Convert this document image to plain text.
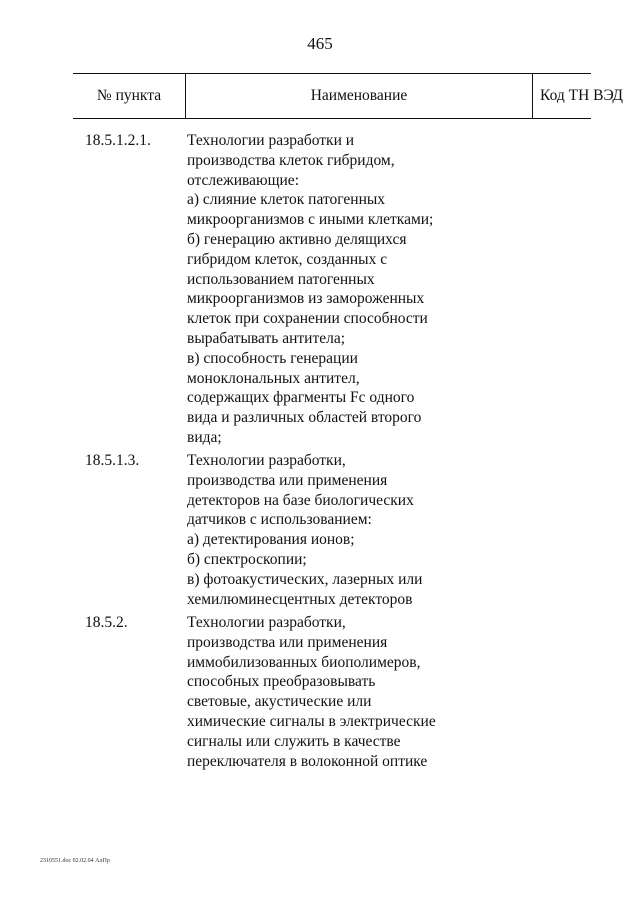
465
№ пункта	Наименование	Код ТН ВЭД
18.5.1.2.1. Технологии разработки и
производства клеток гибридом,
отслеживающие:
а) слияние клеток патогенных
микроорганизмов с иными клетками;
б) генерацию активно делящихся
гибридом клеток, созданных с
использованием патогенных
микроорганизмов из замороженных
клеток при сохранении способности
вырабатывать антитела;
в) способность генерации
моноклональных антител,
содержащих фрагменты Fc одного
вида и различных областей второго
вида;
18.5.1.3.	Технологии разработки,
производства или применения
детекторов на базе биологических
датчиков с использованием:
а) детектирования ионов;
б) спектроскопии;
в) фотоакустических, лазерных или
хемилюминесцентных детекторов
18.5.2.	Технологии разработки,
производства или применения
иммобилизованных биополимеров,
способных преобразовывать
световые, акустические или
химические сигналы в электрические
сигналы или служить в качестве
переключателя в волоконной оптике
2310551.doc 02.02.04 АлПр
